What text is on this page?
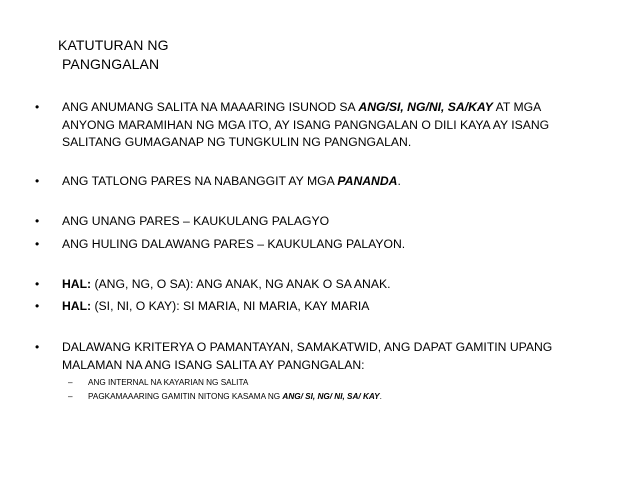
KATUTURAN NG
PANGNGALAN
• ANG ANUMANG SALITA NA MAAARING ISUNOD SA ANG/SI, NG/NI, SA/KAY AT MGA
ANYONG MARAMIHAN NG MGA ITO, AY ISANG PANGNGALAN O DILI KAYA AY ISANG
SALITANG GUMAGANAP NG TUNGKULIN NG PANGNGALAN.
• ANG TATLONG PARES NA NABANGGIT AY MGA PANANDA.
• ANG UNANG PARES – KAUKULANG PALAGYO
• ANG HULING DALAWANG PARES – KAUKULANG PALAYON.
• HAL: (ANG, NG, O SA): ANG ANAK, NG ANAK O SA ANAK.
• HAL: (SI, NI, O KAY): SI MARIA, NI MARIA, KAY MARIA
• DALAWANG KRITERYA O PAMANTAYAN, SAMAKATWID, ANG DAPAT GAMITIN UPANG
MALAMAN NA ANG ISANG SALITA AY PANGNGALAN:
– ANG INTERNAL NA KAYARIAN NG SALITA
– PAGKAMAAARING GAMITIN NITONG KASAMA NG ANG/ SI, NG/ NI, SA/ KAY.
